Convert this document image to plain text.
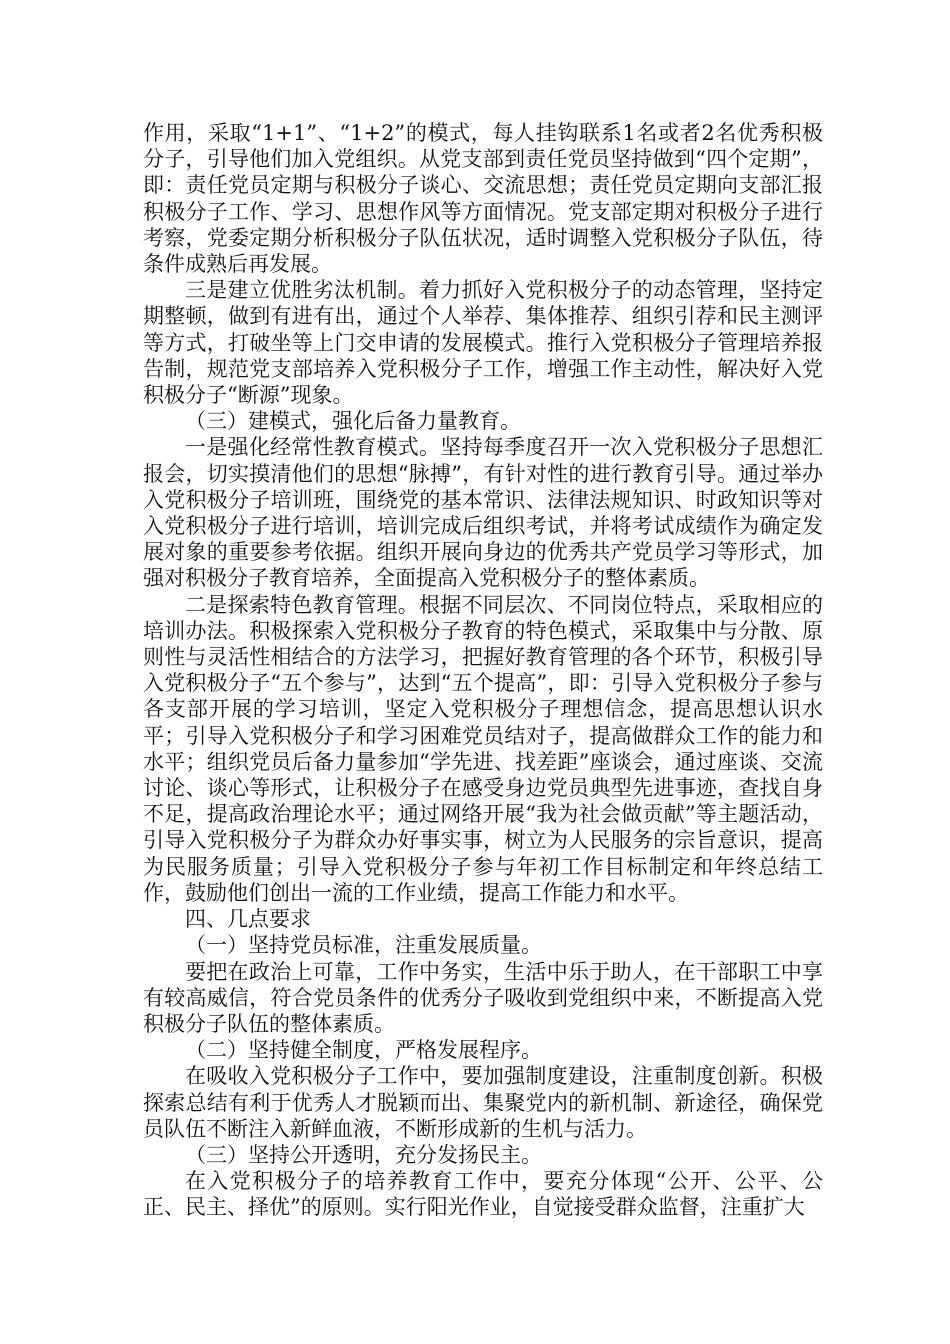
作用，采取“1+1”、“1+2”的模式，每人挂钩联系1名或者2名优秀积极分子，引导他们加入党组织。从党支部到责任党员坚持做到“四个定期”，即：责任党员定期与积极分子谈心、交流思想；责任党员定期向支部汇报积极分子工作、学习、思想作风等方面情况。党支部定期对积极分子进行考察，党委定期分析积极分子队伍状况，适时调整入党积极分子队伍，待条件成熟后再发展。

三是建立优胜劣汰机制。着力抓好入党积极分子的动态管理，坚持定期整顿，做到有进有出，通过个人举荐、集体推荐、组织引荐和民主测评等方式，打破坐等上门交申请的发展模式。推行入党积极分子管理培养报告制，规范党支部培养入党积极分子工作，增强工作主动性，解决好入党积极分子“断源”现象。

（三）建模式，强化后备力量教育。

一是强化经常性教育模式。坚持每季度召开一次入党积极分子思想汇报会，切实摸清他们的思想“脉搏”，有针对性的进行教育引导。通过举办入党积极分子培训班，围绕党的基本常识、法律法规知识、时政知识等对入党积极分子进行培训，培训完成后组织考试，并将考试成绩作为确定发展对象的重要参考依据。组织开展向身边的优秀共产党员学习等形式，加强对积极分子教育培养，全面提高入党积极分子的整体素质。

二是探索特色教育管理。根据不同层次、不同岗位特点，采取相应的培训办法。积极探索入党积极分子教育的特色模式，采取集中与分散、原则性与灵活性相结合的方法学习，把握好教育管理的各个环节，积极引导入党积极分子“五个参与”，达到“五个提高”，即：引导入党积极分子参与各支部开展的学习培训，坚定入党积极分子理想信念，提高思想认识水平；引导入党积极分子和学习困难党员结对子，提高做群众工作的能力和水平；组织党员后备力量参加“学先进、找差距”座谈会，通过座谈、交流讨论、谈心等形式，让积极分子在感受身边党员典型先进事迹，查找自身不足，提高政治理论水平；通过网络开展“我为社会做贡献”等主题活动，引导入党积极分子为群众办好事实事，树立为人民服务的宗旨意识，提高为民服务质量；引导入党积极分子参与年初工作目标制定和年终总结工作，鼓励他们创出一流的工作业绩，提高工作能力和水平。

四、几点要求

（一）坚持党员标准，注重发展质量。

要把在政治上可靠，工作中务实，生活中乐于助人，在干部职工中享有较高威信，符合党员条件的优秀分子吸收到党组织中来，不断提高入党积极分子队伍的整体素质。

（二）坚持健全制度，严格发展程序。

在吸收入党积极分子工作中，要加强制度建设，注重制度创新。积极探索总结有利于优秀人才脱颖而出、集聚党内的新机制、新途径，确保党员队伍不断注入新鲜血液，不断形成新的生机与活力。

（三）坚持公开透明，充分发扬民主。

在入党积极分子的培养教育工作中，要充分体现“公开、公平、公正、民主、择优”的原则。实行阳光作业，自觉接受群众监督，注重扩大
